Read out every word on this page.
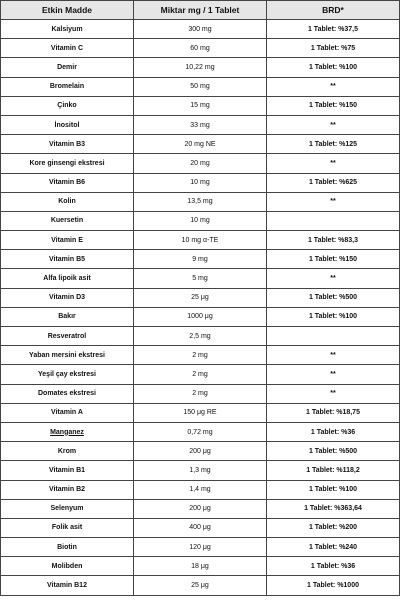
Etkin Madde	Miktar mg / 1 Tablet	BRD*
Kalsiyum	300 mg	1 Tablet: %37,5
Vitamin C	60 mg	1 Tablet: %75
Demir	10,22 mg	1 Tablet: %100
Bromelain	50 mg	**
Çinko	15 mg	1 Tablet: %150
İnositol	33 mg	**
Vitamin B3	20 mg NE	1 Tablet: %125
Kore ginsengi ekstresi	20 mg	**
Vitamin B6	10 mg	1 Tablet: %625
Kolin	13,5 mg	**
Kuersetin	10 mg	
Vitamin E	10 mg α-TE	1 Tablet: %83,3
Vitamin B5	9 mg	1 Tablet: %150
Alfa lipoik asit	5 mg	**
Vitamin D3	25 μg	1 Tablet: %500
Bakır	1000 μg	1 Tablet: %100
Resveratrol	2,5 mg	
Yaban mersini ekstresi	2 mg	**
Yeşil çay ekstresi	2 mg	**
Domates ekstresi	2 mg	**
Vitamin A	150 μg RE	1 Tablet: %18,75
Manganez	0,72 mg	1 Tablet: %36
Krom	200 μg	1 Tablet: %500
Vitamin B1	1,3 mg	1 Tablet: %118,2
Vitamin B2	1,4 mg	1 Tablet: %100
Selenyum	200 μg	1 Tablet: %363,64
Folik asit	400 μg	1 Tablet: %200
Biotin	120 μg	1 Tablet: %240
Molibden	18 μg	1 Tablet: %36
Vitamin B12	25 μg	1 Tablet: %1000
